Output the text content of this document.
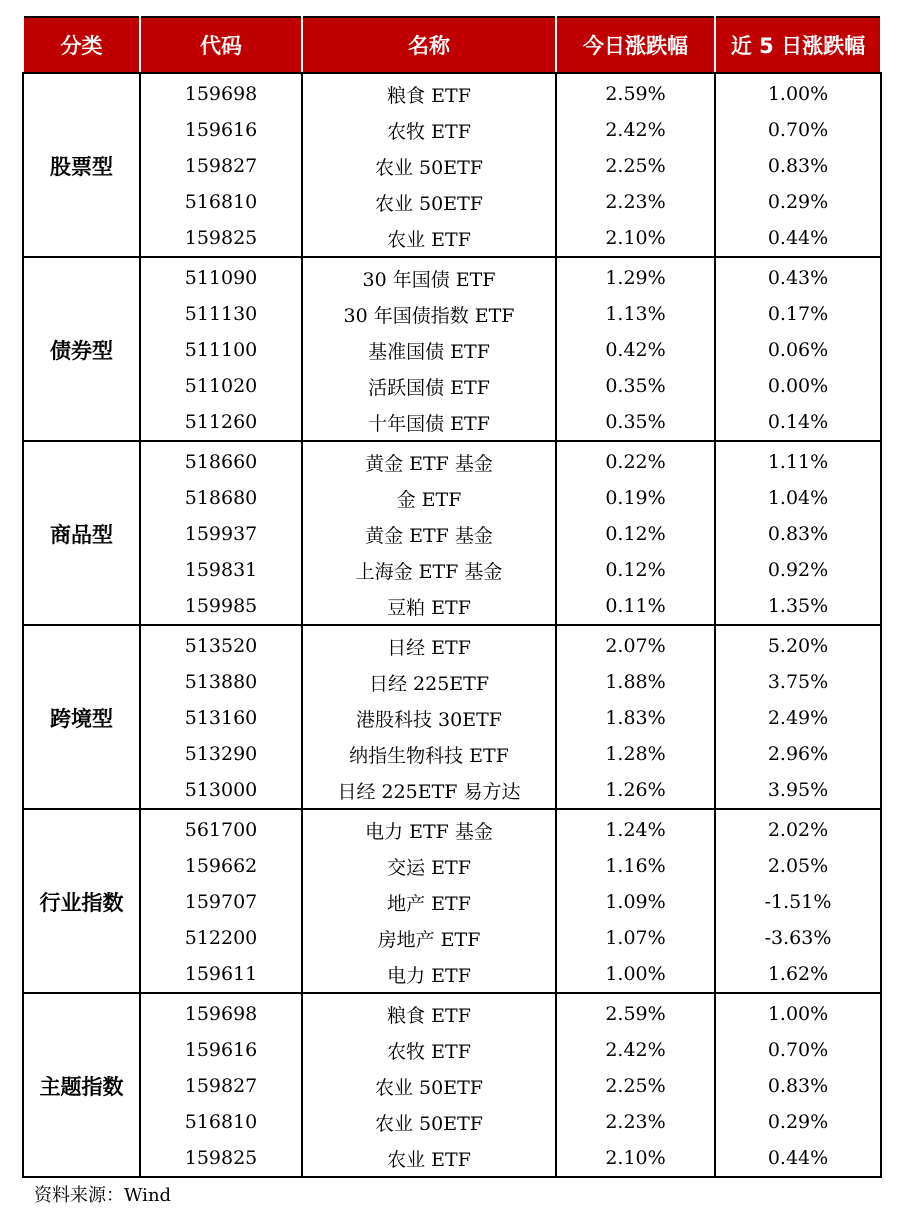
分类	代码	名称	今日涨跌幅	近 5 日涨跌幅
股票型	159698	粮食 ETF	2.59%	1.00%
	159616	农牧 ETF	2.42%	0.70%
	159827	农业 50ETF	2.25%	0.83%
	516810	农业 50ETF	2.23%	0.29%
	159825	农业 ETF	2.10%	0.44%
债券型	511090	30 年国债 ETF	1.29%	0.43%
	511130	30 年国债指数 ETF	1.13%	0.17%
	511100	基准国债 ETF	0.42%	0.06%
	511020	活跃国债 ETF	0.35%	0.00%
	511260	十年国债 ETF	0.35%	0.14%
商品型	518660	黄金 ETF 基金	0.22%	1.11%
	518680	金 ETF	0.19%	1.04%
	159937	黄金 ETF 基金	0.12%	0.83%
	159831	上海金 ETF 基金	0.12%	0.92%
	159985	豆粕 ETF	0.11%	1.35%
跨境型	513520	日经 ETF	2.07%	5.20%
	513880	日经 225ETF	1.88%	3.75%
	513160	港股科技 30ETF	1.83%	2.49%
	513290	纳指生物科技 ETF	1.28%	2.96%
	513000	日经 225ETF 易方达	1.26%	3.95%
行业指数	561700	电力 ETF 基金	1.24%	2.02%
	159662	交运 ETF	1.16%	2.05%
	159707	地产 ETF	1.09%	-1.51%
	512200	房地产 ETF	1.07%	-3.63%
	159611	电力 ETF	1.00%	1.62%
主题指数	159698	粮食 ETF	2.59%	1.00%
	159616	农牧 ETF	2.42%	0.70%
	159827	农业 50ETF	2.25%	0.83%
	516810	农业 50ETF	2.23%	0.29%
	159825	农业 ETF	2.10%	0.44%
资料来源：Wind
